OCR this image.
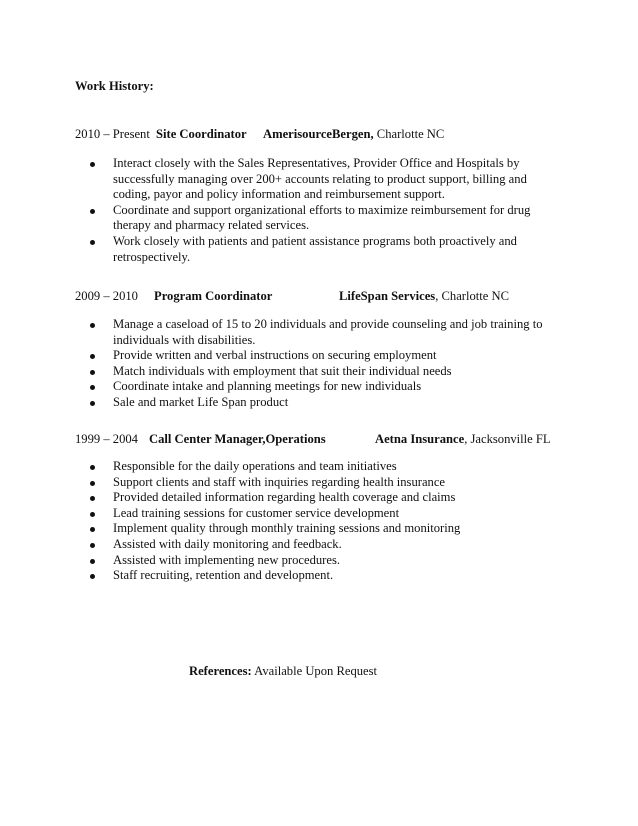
Work History:
2010 – Present Site Coordinator AmerisourceBergen, Charlotte NC
Interact closely with the Sales Representatives, Provider Office and Hospitals by successfully managing over 200+ accounts relating to product support, billing and coding, payor and policy information and reimbursement support.
Coordinate and support organizational efforts to maximize reimbursement for drug therapy and pharmacy related services.
Work closely with patients and patient assistance programs both proactively and retrospectively.
2009 – 2010 Program Coordinator	LifeSpan Services, Charlotte NC
Manage a caseload of 15 to 20 individuals and provide counseling and job training to individuals with disabilities.
Provide written and verbal instructions on securing employment
Match individuals with employment that suit their individual needs
Coordinate intake and planning meetings for new individuals
Sale and market Life Span product
1999 – 2004 Call Center Manager,Operations	Aetna Insurance, Jacksonville FL
Responsible for the daily operations and team initiatives
Support clients and staff with inquiries regarding health insurance
Provided detailed information regarding health coverage and claims
Lead training sessions for customer service development
Implement quality through monthly training sessions and monitoring
Assisted with daily monitoring and feedback.
Assisted with implementing new procedures.
Staff recruiting, retention and development.
References: Available Upon Request
